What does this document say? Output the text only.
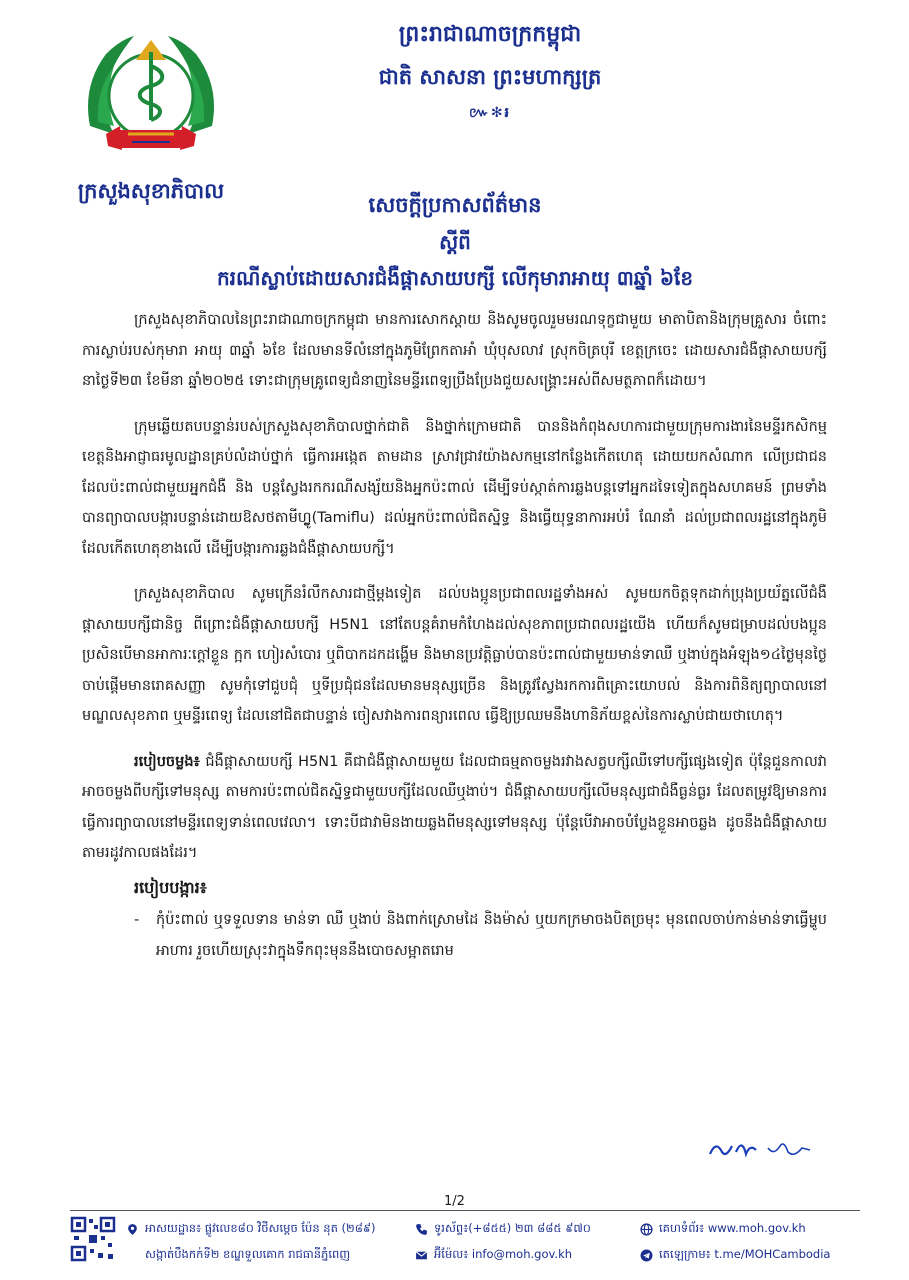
ក្រសួងសុខាភិបាល
ព្រះរាជាណាចក្រកម្ពុជា
ជាតិ សាសនា ព្រះមហាក្សត្រ
៚✻៛
សេចក្តីប្រកាសព័ត៌មាន
ស្តីពី
ករណីស្លាប់ដោយសារជំងឺផ្តាសាយបក្សី លើកុមារាអាយុ ៣ឆ្នាំ ៦ខែ

ក្រសួងសុខាភិបាលនៃព្រះរាជាណាចក្រកម្ពុជា មានការសោកស្តាយ និងសូមចូលរួមមរណទុក្ខជាមួយ មាតាបិតានិងក្រុមគ្រួសារ ចំពោះការស្លាប់របស់កុមារា អាយុ ៣ឆ្នាំ ៦ខែ ដែលមានទីលំនៅក្នុងភូមិព្រែកតាអាំ ឃុំបុសលាវ ស្រុកចិត្របុរី ខេត្តក្រចេះ ដោយសារជំងឺផ្តាសាយបក្សី នាថ្ងៃទី២៣ ខែមីនា ឆ្នាំ២០២៥ ទោះជាក្រុមគ្រូពេទ្យជំនាញនៃមន្ទីរពេទ្យប្រឹងប្រែងជួយសង្គ្រោះអស់ពីសមត្ថភាពក៏ដោយ។

ក្រុមឆ្លើយតបបន្ទាន់របស់ក្រសួងសុខាភិបាលថ្នាក់ជាតិ និងថ្នាក់ក្រោមជាតិ បាននិងកំពុងសហការជាមួយក្រុមការងារនៃមន្ទីរកសិកម្មខេត្តនិងអាជ្ញាធរមូលដ្ឋានគ្រប់លំដាប់ថ្នាក់ ធ្វើការអង្កេត តាមដាន ស្រាវជ្រាវយ៉ាងសកម្មនៅកន្លែងកើតហេតុ ដោយយកសំណាក លើប្រជាជនដែលប៉ះពាល់ជាមួយអ្នកជំងឺ និង បន្តស្វែងរកករណីសង្ស័យនិងអ្នកប៉ះពាល់ ដើម្បីទប់ស្កាត់ការឆ្លងបន្តទៅអ្នកដទៃទៀតក្នុងសហគមន៍ ព្រមទាំងបានព្យាបាលបង្ការបន្ទាន់ដោយឱសថតាមីហ្វ្លូ(Tamiflu) ដល់អ្នកប៉ះពាល់ជិតស្និទ្ធ និងធ្វើយុទ្ធនាការអប់រំ ណែនាំ ដល់ប្រជាពលរដ្ឋនៅក្នុងភូមិដែលកើតហេតុខាងលើ ដើម្បីបង្ការការឆ្លងជំងឺផ្តាសាយបក្សី។

ក្រសួងសុខាភិបាល សូមក្រើនរំលឹកសារជាថ្មីម្តងទៀត ដល់បងប្អូនប្រជាពលរដ្ឋទាំងអស់ សូមយកចិត្តទុកដាក់ប្រុងប្រយ័ត្នលើជំងឺផ្តាសាយបក្សីជានិច្ច ពីព្រោះជំងឺផ្តាសាយបក្សី H5N1 នៅតែបន្តគំរាមកំហែងដល់សុខភាពប្រជាពលរដ្ឋយើង ហើយក៏សូមជម្រាបដល់បងប្អូន ប្រសិនបើមានអាការៈក្តៅខ្លួន ក្អក ហៀរសំបោរ ឬពិបាកដកដង្ហើម និងមានប្រវត្តិធ្លាប់បានប៉ះពាល់ជាមួយមាន់ទាឈឺ ឬងាប់ក្នុងអំឡុង១៤ថ្ងៃមុនថ្ងៃចាប់ផ្តើមមានរោគសញ្ញា សូមកុំទៅជួបជុំ ឬទីប្រជុំជនដែលមានមនុស្សច្រើន និងត្រូវស្វែងរកការពិគ្រោះយោបល់ និងការពិនិត្យព្យាបាលនៅមណ្ឌលសុខភាព ឬមន្ទីរពេទ្យ ដែលនៅជិតជាបន្ទាន់ ចៀសវាងការពន្យារពេល ធ្វើឱ្យប្រឈមនឹងហានិភ័យខ្ពស់នៃការស្លាប់ជាយថាហេតុ។

របៀបចម្លង៖ ជំងឺផ្តាសាយបក្សី H5N1 គឺជាជំងឺផ្តាសាយមួយ ដែលជាធម្មតាចម្លងរវាងសត្វបក្សីឈឺទៅបក្សីផ្សេងទៀត ប៉ុន្តែជួនកាលវាអាចចម្លងពីបក្សីទៅមនុស្ស តាមការប៉ះពាល់ជិតស្និទ្ធជាមួយបក្សីដែលឈឺឬងាប់។ ជំងឺផ្តាសាយបក្សីលើមនុស្សជាជំងឺធ្ងន់ធ្ងរ ដែលតម្រូវឱ្យមានការធ្វើការព្យាបាលនៅមន្ទីរពេទ្យទាន់ពេលវេលា។ ទោះបីជាវាមិនងាយឆ្លងពីមនុស្សទៅមនុស្ស ប៉ុន្តែបើវាអាចបំប្លែងខ្លួនអាចឆ្លង ដូចនឹងជំងឺផ្តាសាយតាមរដូវកាលផងដែរ។

របៀបបង្ការ៖
-	កុំប៉ះពាល់ ឬទទួលទាន មាន់ទា ឈឺ ឬងាប់ និងពាក់ស្រោមដៃ និងម៉ាស់ ឬយកក្រមាចងបិតច្រមុះ មុនពេលចាប់កាន់មាន់ទាធ្វើម្ហូបអាហារ រួចហើយស្រុះវាក្នុងទឹកពុះមុននឹងបោចសម្អាតរោម
1/2
អាសយដ្ឋាន៖ ផ្លូវលេខ៨០ វិថីសម្តេច ប៉ែន នុត (២៨៩)
សង្កាត់បឹងកក់ទី២ ខណ្ឌទួលគោក រាជធានីភ្នំពេញ
ទូរស័ព្ទ៖(+៨៥៥) ២៣ ៨៨៥ ៩៧០
អ៊ីម៉ែល៖ info@moh.gov.kh
គេហទំព័រ៖ www.moh.gov.kh
តេឡេក្រាម៖ t.me/MOHCambodia
